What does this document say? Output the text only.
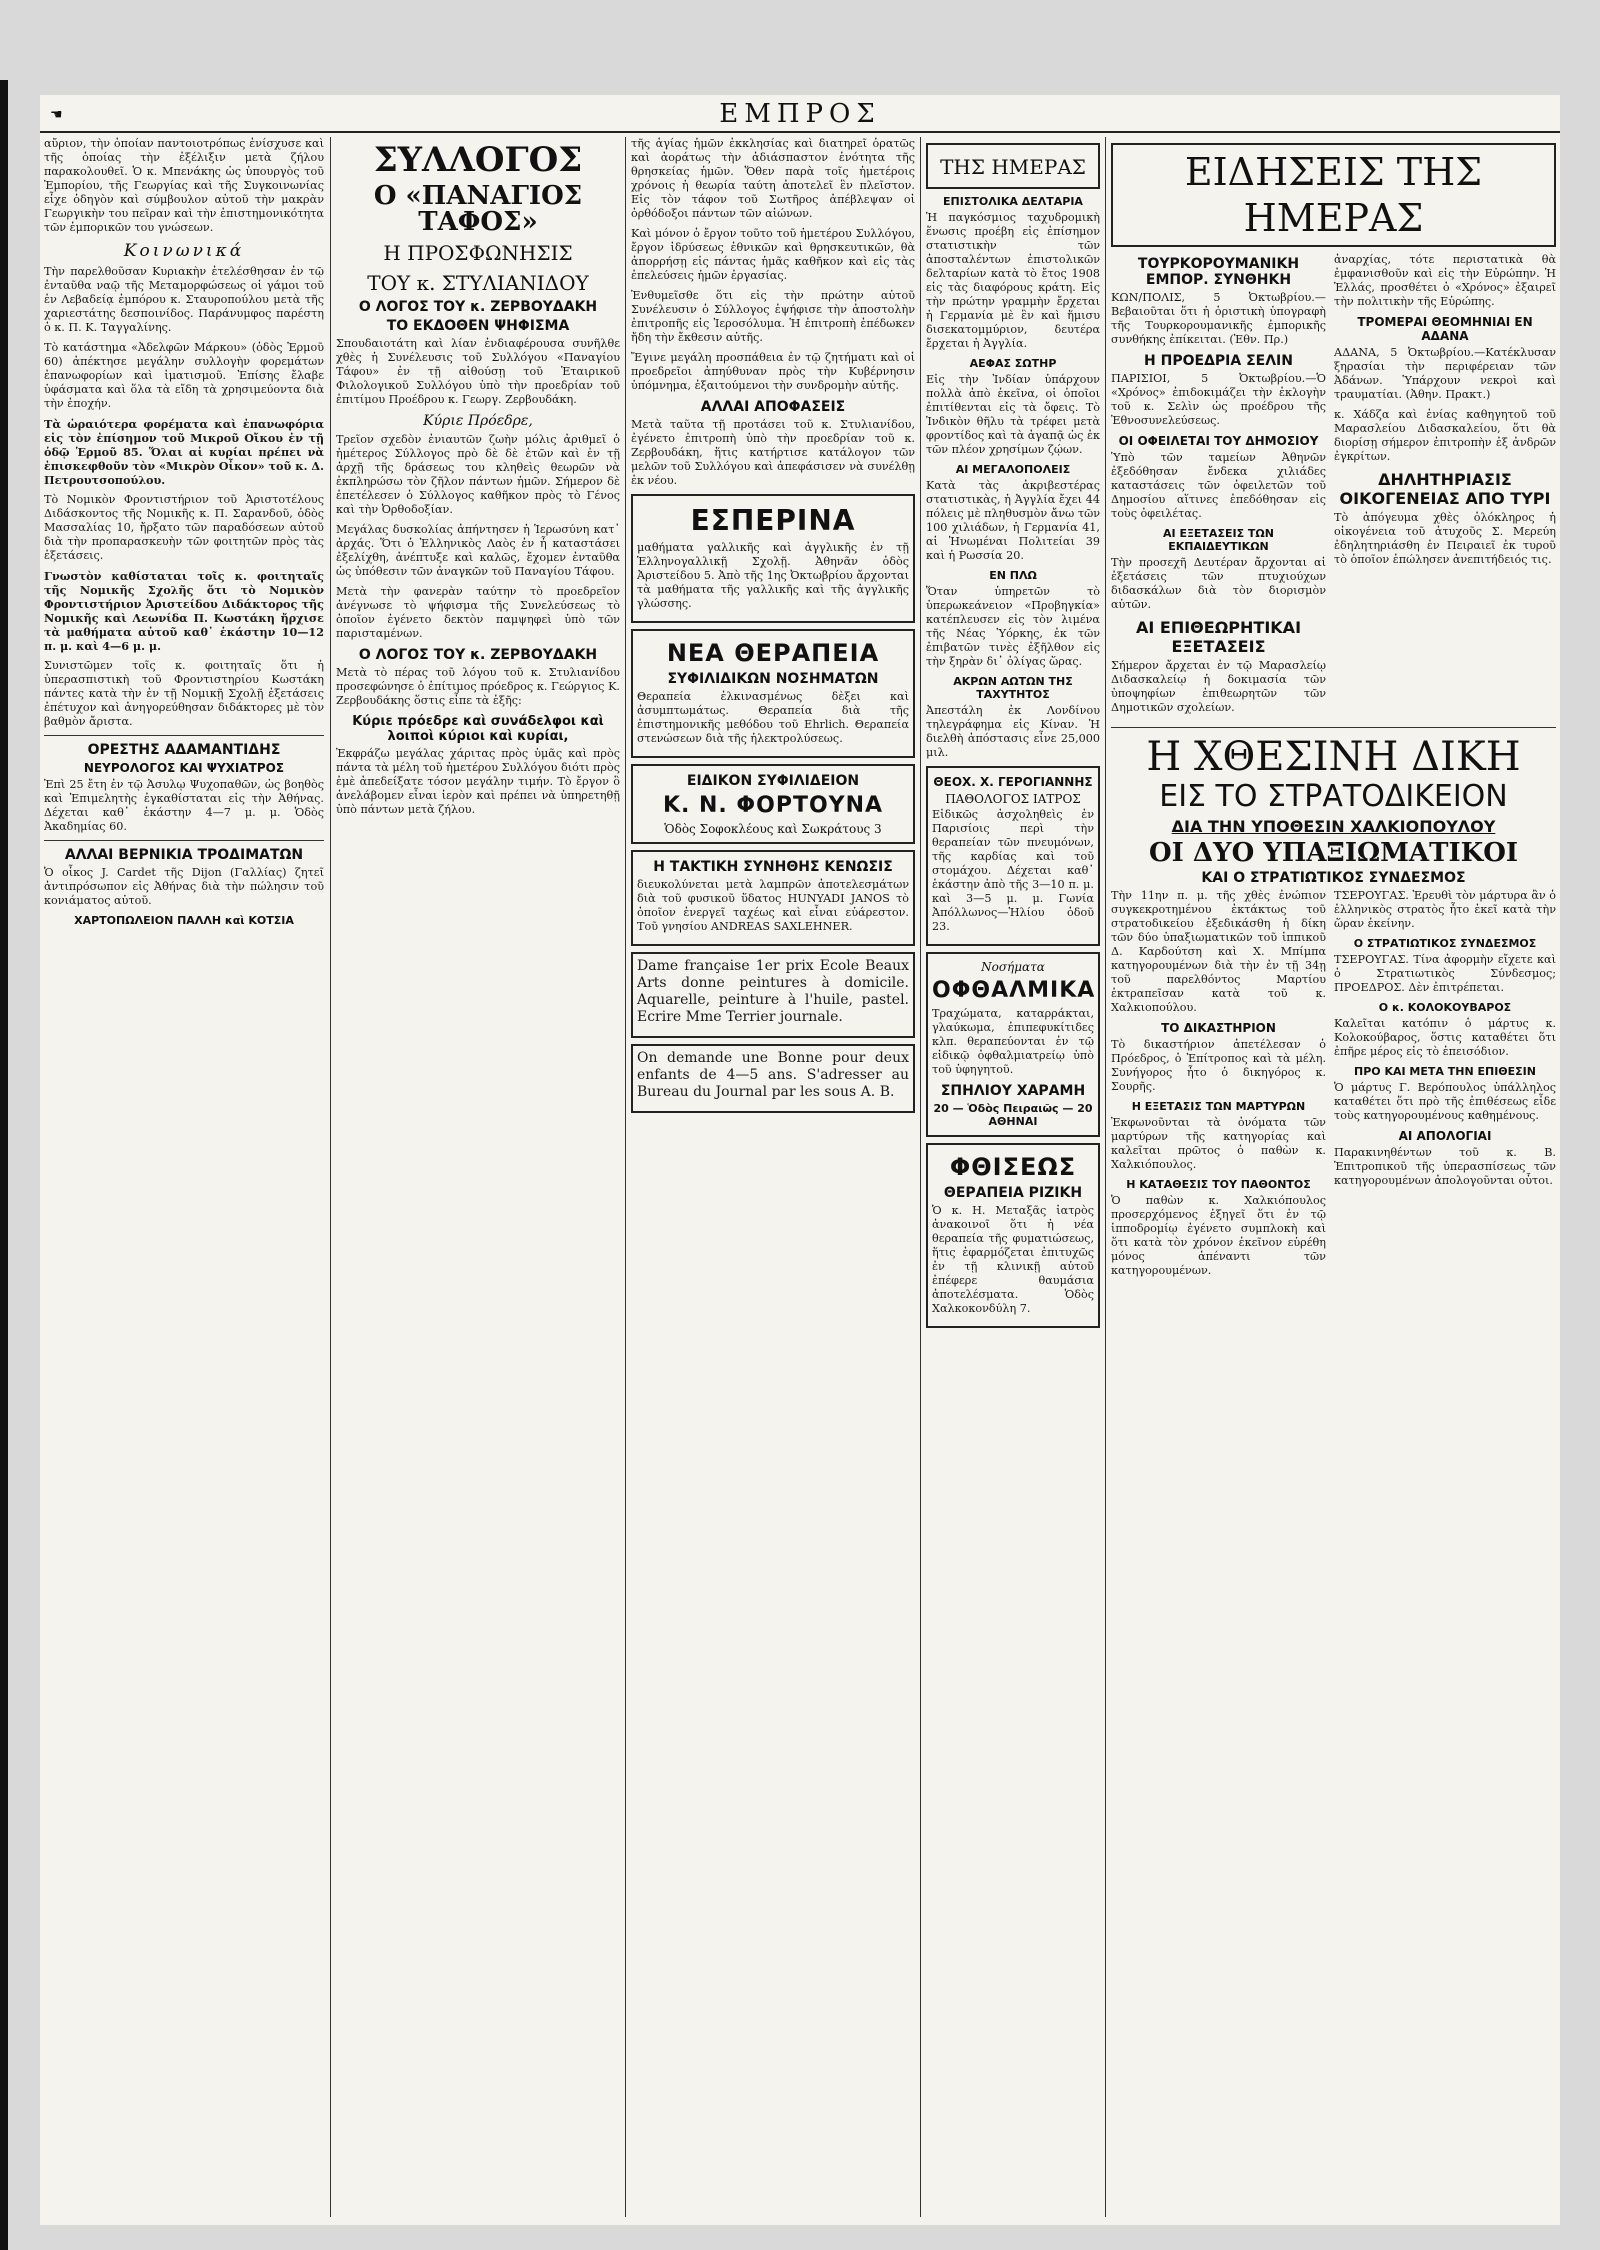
☚	ΕΜΠΡΟΣ

αὔριον, τὴν ὁποίαν παντοιοτρόπως ἐνίσχυσε καὶ τῆς ὁποίας τὴν ἐξέλιξιν μετὰ ζήλου παρακολουθεῖ. Ὁ κ. Μπενάκης ὡς ὑπουργὸς τοῦ Ἐμπορίου, τῆς Γεωργίας καὶ τῆς Συγκοινωνίας εἶχε ὁδηγὸν καὶ σύμβουλον αὐτοῦ τὴν μακρὰν Γεωργικὴν του πεῖραν καὶ τὴν ἐπιστημονικότητα τῶν ἐμπορικῶν του γνώσεων.

Κοινωνικά

Τὴν παρελθοῦσαν Κυριακὴν ἐτελέσθησαν ἐν τῷ ἐνταῦθα ναῷ τῆς Μεταμορφώσεως οἱ γάμοι τοῦ ἐν Λεβαδείᾳ ἐμπόρου κ. Σταυροπούλου μετὰ τῆς χαριεστάτης δεσποινίδος. Παράνυμφος παρέστη ὁ κ. Π. Κ. Ταγγαλίνης.

Τὸ κατάστημα «Ἀδελφῶν Μάρκου» (ὁδὸς Ἑρμοῦ 60) ἀπέκτησε μεγάλην συλλογὴν φορεμάτων ἐπανωφορίων καὶ ἱματισμοῦ. Ἐπίσης ἔλαβε ὑφάσματα καὶ ὅλα τὰ εἴδη τὰ χρησιμεύοντα διὰ τὴν ἐποχήν.

Τὰ ὡραιότερα φορέματα καὶ ἐπανωφόρια εἰς τὸν ἐπίσημον τοῦ Μικροῦ Οἴκου ἐν τῇ ὁδῷ Ἑρμοῦ 85. Ὅλαι αἱ κυρίαι πρέπει νὰ ἐπισκεφθοῦν τὸν «Μικρὸν Οἶκον» τοῦ κ. Δ. Πετρουτσοπούλου.

Τὸ Νομικὸν Φροντιστήριον τοῦ Ἀριστοτέλους Διδάσκοντος τῆς Νομικῆς κ. Π. Σαρανδοῦ, ὁδὸς Μασσαλίας 10, ἤρξατο τῶν παραδόσεων αὐτοῦ διὰ τὴν προπαρασκευὴν τῶν φοιτητῶν πρὸς τὰς ἐξετάσεις.

Γνωστὸν καθίσταται τοῖς κ. φοιτηταῖς τῆς Νομικῆς Σχολῆς ὅτι τὸ Νομικὸν Φροντιστήριον Ἀριστείδου Διδάκτορος τῆς Νομικῆς καὶ Λεωνίδα Π. Κωστάκη ἤρχισε τὰ μαθήματα αὐτοῦ καθ᾽ ἑκάστην 10—12 π. μ. καὶ 4—6 μ. μ.

Συνιστῶμεν τοῖς κ. φοιτηταῖς ὅτι ἡ ὑπερασπιστικὴ τοῦ Φροντιστηρίου Κωστάκη πάντες κατὰ τὴν ἐν τῇ Νομικῇ Σχολῇ ἐξετάσεις ἐπέτυχον καὶ ἀνηγορεύθησαν διδάκτορες μὲ τὸν βαθμὸν ἄριστα.

ΟΡΕΣΤΗΣ ΑΔΑΜΑΝΤΙΔΗΣ
ΝΕΥΡΟΛΟΓΟΣ ΚΑΙ ΨΥΧΙΑΤΡΟΣ

Ἐπὶ 25 ἔτη ἐν τῷ Ἀσυλῳ Ψυχοπαθῶν, ὡς βοηθὸς καὶ Ἐπιμελητὴς ἐγκαθίσταται εἰς τὴν Ἀθήνας. Δέχεται καθ᾽ ἑκάστην 4—7 μ. μ. Ὁδὸς Ἀκαδημίας 60.

ΑΛΛΑΙ ΒΕΡΝΙΚΙΑ ΤΡΟΔΙΜΑΤΩΝ

Ὁ οἶκος J. Cardet τῆς Dijon (Γαλλίας) ζητεῖ ἀντιπρόσωπον εἰς Ἀθήνας διὰ τὴν πώλησιν τοῦ κονιάματος αὐτοῦ.

ΧΑΡΤΟΠΩΛΕΙΟΝ ΠΑΛΛΗ καὶ ΚΟΤΣΙΑ
ΣΥΛΛΟΓΟΣ
Ο «ΠΑΝΑΓΙΟΣ ΤΑΦΟΣ»
Η ΠΡΟΣΦΩΝΗΣΙΣ
ΤΟΥ κ. ΣΤΥΛΙΑΝΙΔΟΥ
Ο ΛΟΓΟΣ ΤΟΥ κ. ΖΕΡΒΟΥΔΑΚΗ
ΤΟ ΕΚΔΟΘΕΝ ΨΗΦΙΣΜΑ

Σπουδαιοτάτη καὶ λίαν ἐνδιαφέρουσα συνῆλθε χθὲς ἡ Συνέλευσις τοῦ Συλλόγου «Παναγίου Τάφου» ἐν τῇ αἰθούσῃ τοῦ Ἑταιρικοῦ Φιλολογικοῦ Συλλόγου ὑπὸ τὴν προεδρίαν τοῦ ἐπιτίμου Προέδρου κ. Γεωργ. Ζερβουδάκη.

Κύριε Πρόεδρε,

Τρεῖον σχεδὸν ἐνιαυτῶν ζωὴν μόλις ἀριθμεῖ ὁ ἡμέτερος Σύλλογος πρὸ δὲ δὲ ἐτῶν καὶ ἐν τῇ ἀρχῇ τῆς δράσεως του κληθεὶς θεωρῶν νὰ ἐκπληρώσω τὸν ζῆλον πάντων ἡμῶν. Σήμερον δὲ ἐπετέλεσεν ὁ Σύλλογος καθῆκον πρὸς τὸ Γένος καὶ τὴν Ὀρθοδοξίαν.

Μεγάλας δυσκολίας ἀπήντησεν ἡ Ἱερωσύνη κατ᾽ ἀρχάς. Ὅτι ὁ Ἑλληνικὸς Λαὸς ἐν ἦ καταστάσει ἐξελίχθη, ἀνέπτυξε καὶ καλῶς, ἔχομεν ἐνταῦθα ὡς ὑπόθεσιν τῶν ἀναγκῶν τοῦ Παναγίου Τάφου.

Μετὰ τὴν φανερὰν ταύτην τὸ προεδρεῖον ἀνέγνωσε τὸ ψήφισμα τῆς Συνελεύσεως τὸ ὁποῖον ἐγένετο δεκτὸν παμψηφεὶ ὑπὸ τῶν παρισταμένων.

Ο ΛΟΓΟΣ ΤΟΥ κ. ΖΕΡΒΟΥΔΑΚΗ

Μετὰ τὸ πέρας τοῦ λόγου τοῦ κ. Στυλιανίδου προσεφώνησε ὁ ἐπίτιμος πρόεδρος κ. Γεώργιος Κ. Ζερβουδάκης ὅστις εἶπε τὰ ἑξῆς:

Κύριε πρόεδρε καὶ συνάδελφοι καὶ λοιποὶ κύριοι καὶ κυρίαι,

Ἐκφράζω μεγάλας χάριτας πρὸς ὑμᾶς καὶ πρὸς πάντα τὰ μέλη τοῦ ἡμετέρου Συλλόγου διότι πρὸς ἐμὲ ἀπεδείξατε τόσον μεγάλην τιμήν. Τὸ ἔργον ὃ ἀνελάβομεν εἶναι ἱερὸν καὶ πρέπει νὰ ὑπηρετηθῇ ὑπὸ πάντων μετὰ ζήλου.

τῆς ἁγίας ἡμῶν ἐκκλησίας καὶ διατηρεῖ ὁρατῶς καὶ ἀοράτως τὴν ἀδιάσπαστον ἑνότητα τῆς θρησκείας ἡμῶν. Ὅθεν παρὰ τοῖς ἡμετέροις χρόνοις ἡ θεωρία ταύτη ἀποτελεῖ ἓν πλεῖστον. Εἰς τὸν τάφον τοῦ Σωτῆρος ἀπέβλεψαν οἱ ὀρθόδοξοι πάντων τῶν αἰώνων.

Καὶ μόνον ὁ ἔργον τοῦτο τοῦ ἡμετέρου Συλλόγου, ἔργον ἱδρύσεως ἐθνικῶν καὶ θρησκευτικῶν, θὰ ἀπορρήσῃ εἰς πάντας ἡμᾶς καθῆκον καὶ εἰς τὰς ἐπελεύσεις ἡμῶν ἐργασίας.

Ἐνθυμεῖσθε ὅτι εἰς τὴν πρώτην αὐτοῦ Συνέλευσιν ὁ Σύλλογος ἐψήφισε τὴν ἀποστολὴν ἐπιτροπῆς εἰς Ἱεροσόλυμα. Ἡ ἐπιτροπὴ ἐπέδωκεν ἤδη τὴν ἔκθεσιν αὐτῆς.

Ἔγινε μεγάλη προσπάθεια ἐν τῷ ζητήματι καὶ οἱ προεδρεῖοι ἀπηύθυναν πρὸς τὴν Κυβέρνησιν ὑπόμνημα, ἐξαιτούμενοι τὴν συνδρομὴν αὐτῆς.

ΑΛΛΑΙ ΑΠΟΦΑΣΕΙΣ

Μετὰ ταῦτα τῇ προτάσει τοῦ κ. Στυλιανίδου, ἐγένετο ἐπιτροπὴ ὑπὸ τὴν προεδρίαν τοῦ κ. Ζερβουδάκη, ἥτις κατήρτισε κατάλογον τῶν μελῶν τοῦ Συλλόγου καὶ ἀπεφάσισεν νὰ συνέλθῃ ἐκ νέου.

ΕΣΠΕΡΙΝΑ

μαθήματα γαλλικῆς καὶ ἀγγλικῆς ἐν τῇ Ἑλληνογαλλικῇ Σχολῇ. Ἀθηνᾶν ὁδὸς Ἀριστείδου 5. Ἀπὸ τῆς 1ης Ὀκτωβρίου ἄρχονται τὰ μαθήματα τῆς γαλλικῆς καὶ τῆς ἀγγλικῆς γλώσσης.

ΝΕΑ ΘΕΡΑΠΕΙΑ
ΣΥΦΙΛΙΔΙΚΩΝ ΝΟΣΗΜΑΤΩΝ

Θεραπεία ἐλκινασμένως δὲξει καὶ ἀσυμπτωμάτως. Θεραπεία διὰ τῆς ἐπιστημονικῆς μεθόδου τοῦ Ehrlich. Θεραπεία στενώσεων διὰ τῆς ἠλεκτρολύσεως.

ΕΙΔΙΚΟΝ ΣΥΦΙΛΙΔΕΙΟΝ
Κ. Ν. ΦΟΡΤΟΥΝΑ
Ὁδὸς Σοφοκλέους καὶ Σωκράτους 3
Η ΤΑΚΤΙΚΗ ΣΥΝΗΘΗΣ ΚΕΝΩΣΙΣ

διευκολύνεται μετὰ λαμπρῶν ἀποτελεσμάτων διὰ τοῦ φυσικοῦ ὕδατος HUNYADI JANOS τὸ ὁποῖον ἐνεργεῖ ταχέως καὶ εἶναι εὐάρεστον. Τοῦ γνησίου ANDREAS SAXLEHNER.

Dame française 1er prix Ecole Beaux Arts donne peintures à domicile. Aquarelle, peinture à l'huile, pastel. Ecrire Mme Terrier journale.

On demande une Bonne pour deux enfants de 4—5 ans. S'adresser au Bureau du Journal par les sous A. B.

ΤΗΣ ΗΜΕΡΑΣ
ΕΠΙΣΤΟΛΙΚΑ ΔΕΛΤΑΡΙΑ

Ἡ παγκόσμιος ταχυδρομικὴ ἕνωσις προέβη εἰς ἐπίσημον στατιστικὴν τῶν ἀποσταλέντων ἐπιστολικῶν δελταρίων κατὰ τὸ ἔτος 1908 εἰς τὰς διαφόρους κράτη. Εἰς τὴν πρώτην γραμμὴν ἔρχεται ἡ Γερμανία μὲ ἓν καὶ ἥμισυ δισεκατομμύριον, δευτέρα ἔρχεται ἡ Ἀγγλία.

ΑΕΦΑΣ ΣΩΤΗΡ

Εἰς τὴν Ἰνδίαν ὑπάρχουν πολλὰ ἀπὸ ἐκεῖνα, οἱ ὁποῖοι ἐπιτίθενται εἰς τὰ ὄφεις. Τὸ Ἰνδικὸν θῆλυ τὰ τρέφει μετὰ φροντίδος καὶ τὰ ἀγαπᾷ ὡς ἐκ τῶν πλέον χρησίμων ζῴων.

ΑΙ ΜΕΓΑΛΟΠΟΛΕΙΣ

Κατὰ τὰς ἀκριβεστέρας στατιστικὰς, ἡ Ἀγγλία ἔχει 44 πόλεις μὲ πληθυσμὸν ἄνω τῶν 100 χιλιάδων, ἡ Γερμανία 41, αἱ Ἡνωμέναι Πολιτείαι 39 καὶ ἡ Ρωσσία 20.

ΕΝ ΠΛΩ

Ὅταν ὑπηρετῶν τὸ ὑπερωκεάνειον «Προβηγκία» κατέπλευσεν εἰς τὸν λιμένα τῆς Νέας Ὑόρκης, ἐκ τῶν ἐπιβατῶν τινὲς ἐξῆλθον εἰς τὴν ξηρὰν δι᾽ ὀλίγας ὥρας.

ΑΚΡΩΝ ΑΩΤΩΝ ΤΗΣ ΤΑΧΥΤΗΤΟΣ

Ἀπεστάλη ἐκ Λονδίνου τηλεγράφημα εἰς Κίναν. Ἡ διελθὴ ἀπόστασις εἶνε 25,000 μιλ.

ΘΕΟΧ. Χ. ΓΕΡΟΓΙΑΝΝΗΣ
ΠΑΘΟΛΟΓΟΣ ΙΑΤΡΟΣ

Εἰδικῶς ἀσχοληθεὶς ἐν Παρισίοις περὶ τὴν θεραπείαν τῶν πνευμόνων, τῆς καρδίας καὶ τοῦ στομάχου. Δέχεται καθ᾽ ἑκάστην ἀπὸ τῆς 3—10 π. μ. καὶ 3—5 μ. μ. Γωνία Ἀπόλλωνος—Ἡλίου ὁδοῦ 23.

Νοσήματα
ΟΦΘΑΛΜΙΚΑ

Τραχώματα, καταρράκται, γλαύκωμα, ἐπιπεφυκίτιδες κλπ. θεραπεύονται ἐν τῷ εἰδικῷ ὀφθαλμιατρείῳ ὑπὸ τοῦ ὑφηγητοῦ.

ΣΠΗΛΙΟΥ ΧΑΡΑΜΗ
20 — Ὁδὸς Πειραιῶς — 20 ΑΘΗΝΑΙ
ΦΘΙΣΕΩΣ
ΘΕΡΑΠΕΙΑ ΡΙΖΙΚΗ

Ὁ κ. Η. Μεταξᾶς ἰατρὸς ἀνακοινοῖ ὅτι ἡ νέα θεραπεία τῆς φυματιώσεως, ἥτις ἐφαρμόζεται ἐπιτυχῶς ἐν τῇ κλινικῇ αὐτοῦ ἐπέφερε θαυμάσια ἀποτελέσματα. Ὁδὸς Χαλκοκονδύλη 7.

ΕΙΔΗΣΕΙΣ ΤΗΣ ΗΜΕΡΑΣ
ΤΟΥΡΚΟΡΟΥΜΑΝΙΚΗ ΕΜΠΟΡ. ΣΥΝΘΗΚΗ

ΚΩΝ/ΠΟΛΙΣ, 5 Ὀκτωβρίου.—Βεβαιοῦται ὅτι ἡ ὁριστικὴ ὑπογραφὴ τῆς Τουρκορουμανικῆς ἐμπορικῆς συνθήκης ἐπίκειται. (Ἐθν. Πρ.)

Η ΠΡΟΕΔΡΙΑ ΣΕΛΙΝ

ΠΑΡΙΣΙΟΙ, 5 Ὀκτωβρίου.—Ὁ «Χρόνος» ἐπιδοκιμάζει τὴν ἐκλογὴν τοῦ κ. Σελὶν ὡς προέδρου τῆς Ἐθνοσυνελεύσεως.

ΟΙ ΟΦΕΙΛΕΤΑΙ ΤΟΥ ΔΗΜΟΣΙΟΥ

Ὑπὸ τῶν ταμείων Ἀθηνῶν ἐξεδόθησαν ἔνδεκα χιλιάδες καταστάσεις τῶν ὀφειλετῶν τοῦ Δημοσίου αἵτινες ἐπεδόθησαν εἰς τοὺς ὀφειλέτας.

ΑΙ ΕΞΕΤΑΣΕΙΣ ΤΩΝ ΕΚΠΑΙΔΕΥΤΙΚΩΝ

Τὴν προσεχῆ Δευτέραν ἄρχονται αἱ ἐξετάσεις τῶν πτυχιούχων διδασκάλων διὰ τὸν διορισμὸν αὐτῶν.

ΑΙ ΕΠΙΘΕΩΡΗΤΙΚΑΙ ΕΞΕΤΑΣΕΙΣ

Σήμερον ἄρχεται ἐν τῷ Μαρασλείῳ Διδασκαλείῳ ἡ δοκιμασία τῶν ὑποψηφίων ἐπιθεωρητῶν τῶν Δημοτικῶν σχολείων.

ἀναρχίας, τότε περιστατικὰ θὰ ἐμφανισθοῦν καὶ εἰς τὴν Εὐρώπην. Ἡ Ἑλλάς, προσθέτει ὁ «Χρόνος» ἐξαιρεῖ τὴν πολιτικὴν τῆς Εὐρώπης.

ΤΡΟΜΕΡΑΙ ΘΕΟΜΗΝΙΑΙ ΕΝ ΑΔΑΝΑ

ΑΔΑΝΑ, 5 Ὀκτωβρίου.—Κατέκλυσαν ξηρασίαι τὴν περιφέρειαν τῶν Ἀδάνων. Ὑπάρχουν νεκροὶ καὶ τραυματίαι. (Ἀθην. Πρακτ.)

κ. Χάδζα καὶ ἐνίας καθηγητοῦ τοῦ Μαρασλείου Διδασκαλείου, ὅτι θὰ διορίσῃ σήμερον ἐπιτροπὴν ἐξ ἀνδρῶν ἐγκρίτων.

ΔΗΛΗΤΗΡΙΑΣΙΣ ΟΙΚΟΓΕΝΕΙΑΣ ΑΠΟ ΤΥΡΙ

Τὸ ἀπόγευμα χθὲς ὁλόκληρος ἡ οἰκογένεια τοῦ ἀτυχοῦς Σ. Μερεύη ἐδηλητηριάσθη ἐν Πειραιεῖ ἐκ τυροῦ τὸ ὁποῖον ἐπώλησεν ἀνεπιτήδειός τις.

Η ΧΘΕΣΙΝΗ ΔΙΚΗ
ΕΙΣ ΤΟ ΣΤΡΑΤΟΔΙΚΕΙΟΝ
ΔΙΑ ΤΗΝ ΥΠΟΘΕΣΙΝ ΧΑΛΚΙΟΠΟΥΛΟΥ
ΟΙ ΔΥΟ ΥΠΑΞΙΩΜΑΤΙΚΟΙ
ΚΑΙ Ο ΣΤΡΑΤΙΩΤΙΚΟΣ ΣΥΝΔΕΣΜΟΣ

Τὴν 11ην π. μ. τῆς χθὲς ἐνώπιον συγκεκροτημένου ἐκτάκτως τοῦ στρατοδικείου ἐξεδικάσθη ἡ δίκη τῶν δύο ὑπαξιωματικῶν τοῦ ἱππικοῦ Δ. Καρδούτση καὶ Χ. Μπίμπα κατηγορουμένων διὰ τὴν ἐν τῇ 34ῃ τοῦ παρελθόντος Μαρτίου ἐκτραπεῖσαν κατὰ τοῦ κ. Χαλκιοπούλου.

ΤΟ ΔΙΚΑΣΤΗΡΙΟΝ

Τὸ δικαστήριον ἀπετέλεσαν ὁ Πρόεδρος, ὁ Ἐπίτροπος καὶ τὰ μέλη. Συνήγορος ἦτο ὁ δικηγόρος κ. Σουρῆς.

Η ΕΞΕΤΑΣΙΣ ΤΩΝ ΜΑΡΤΥΡΩΝ

Ἐκφωνοῦνται τὰ ὀνόματα τῶν μαρτύρων τῆς κατηγορίας καὶ καλεῖται πρῶτος ὁ παθὼν κ. Χαλκιόπουλος.

Η ΚΑΤΑΘΕΣΙΣ ΤΟΥ ΠΑΘΟΝΤΟΣ

Ὁ παθὼν κ. Χαλκιόπουλος προσερχόμενος ἐξηγεῖ ὅτι ἐν τῷ ἱπποδρομίῳ ἐγένετο συμπλοκὴ καὶ ὅτι κατὰ τὸν χρόνον ἐκεῖνον εὑρέθη μόνος ἀπέναντι τῶν κατηγορουμένων.

ΤΣΕΡΟΥΓΑΣ. Ἐρευθὶ τὸν μάρτυρα ἂν ὁ ἑλληνικὸς στρατὸς ἦτο ἐκεῖ κατὰ τὴν ὥραν ἐκείνην.

Ο ΣΤΡΑΤΙΩΤΙΚΟΣ ΣΥΝΔΕΣΜΟΣ

ΤΣΕΡΟΥΓΑΣ. Τίνα ἀφορμὴν εἴχετε καὶ ὁ Στρατιωτικὸς Σύνδεσμος; ΠΡΟΕΔΡΟΣ. Δὲν ἐπιτρέπεται.

Ο κ. ΚΟΛΟΚΟΥΒΑΡΟΣ

Καλεῖται κατόπιν ὁ μάρτυς κ. Κολοκούβαρος, ὅστις καταθέτει ὅτι ἐπῆρε μέρος εἰς τὸ ἐπεισόδιον.

ΠΡΟ ΚΑΙ ΜΕΤΑ ΤΗΝ ΕΠΙΘΕΣΙΝ

Ὁ μάρτυς Γ. Βερόπουλος ὑπάλληλος καταθέτει ὅτι πρὸ τῆς ἐπιθέσεως εἶδε τοὺς κατηγορουμένους καθημένους.

ΑΙ ΑΠΟΛΟΓΙΑΙ

Παρακινηθέντων τοῦ κ. Β. Ἐπιτροπικοῦ τῆς ὑπερασπίσεως τῶν κατηγορουμένων ἀπολογοῦνται οὗτοι.
